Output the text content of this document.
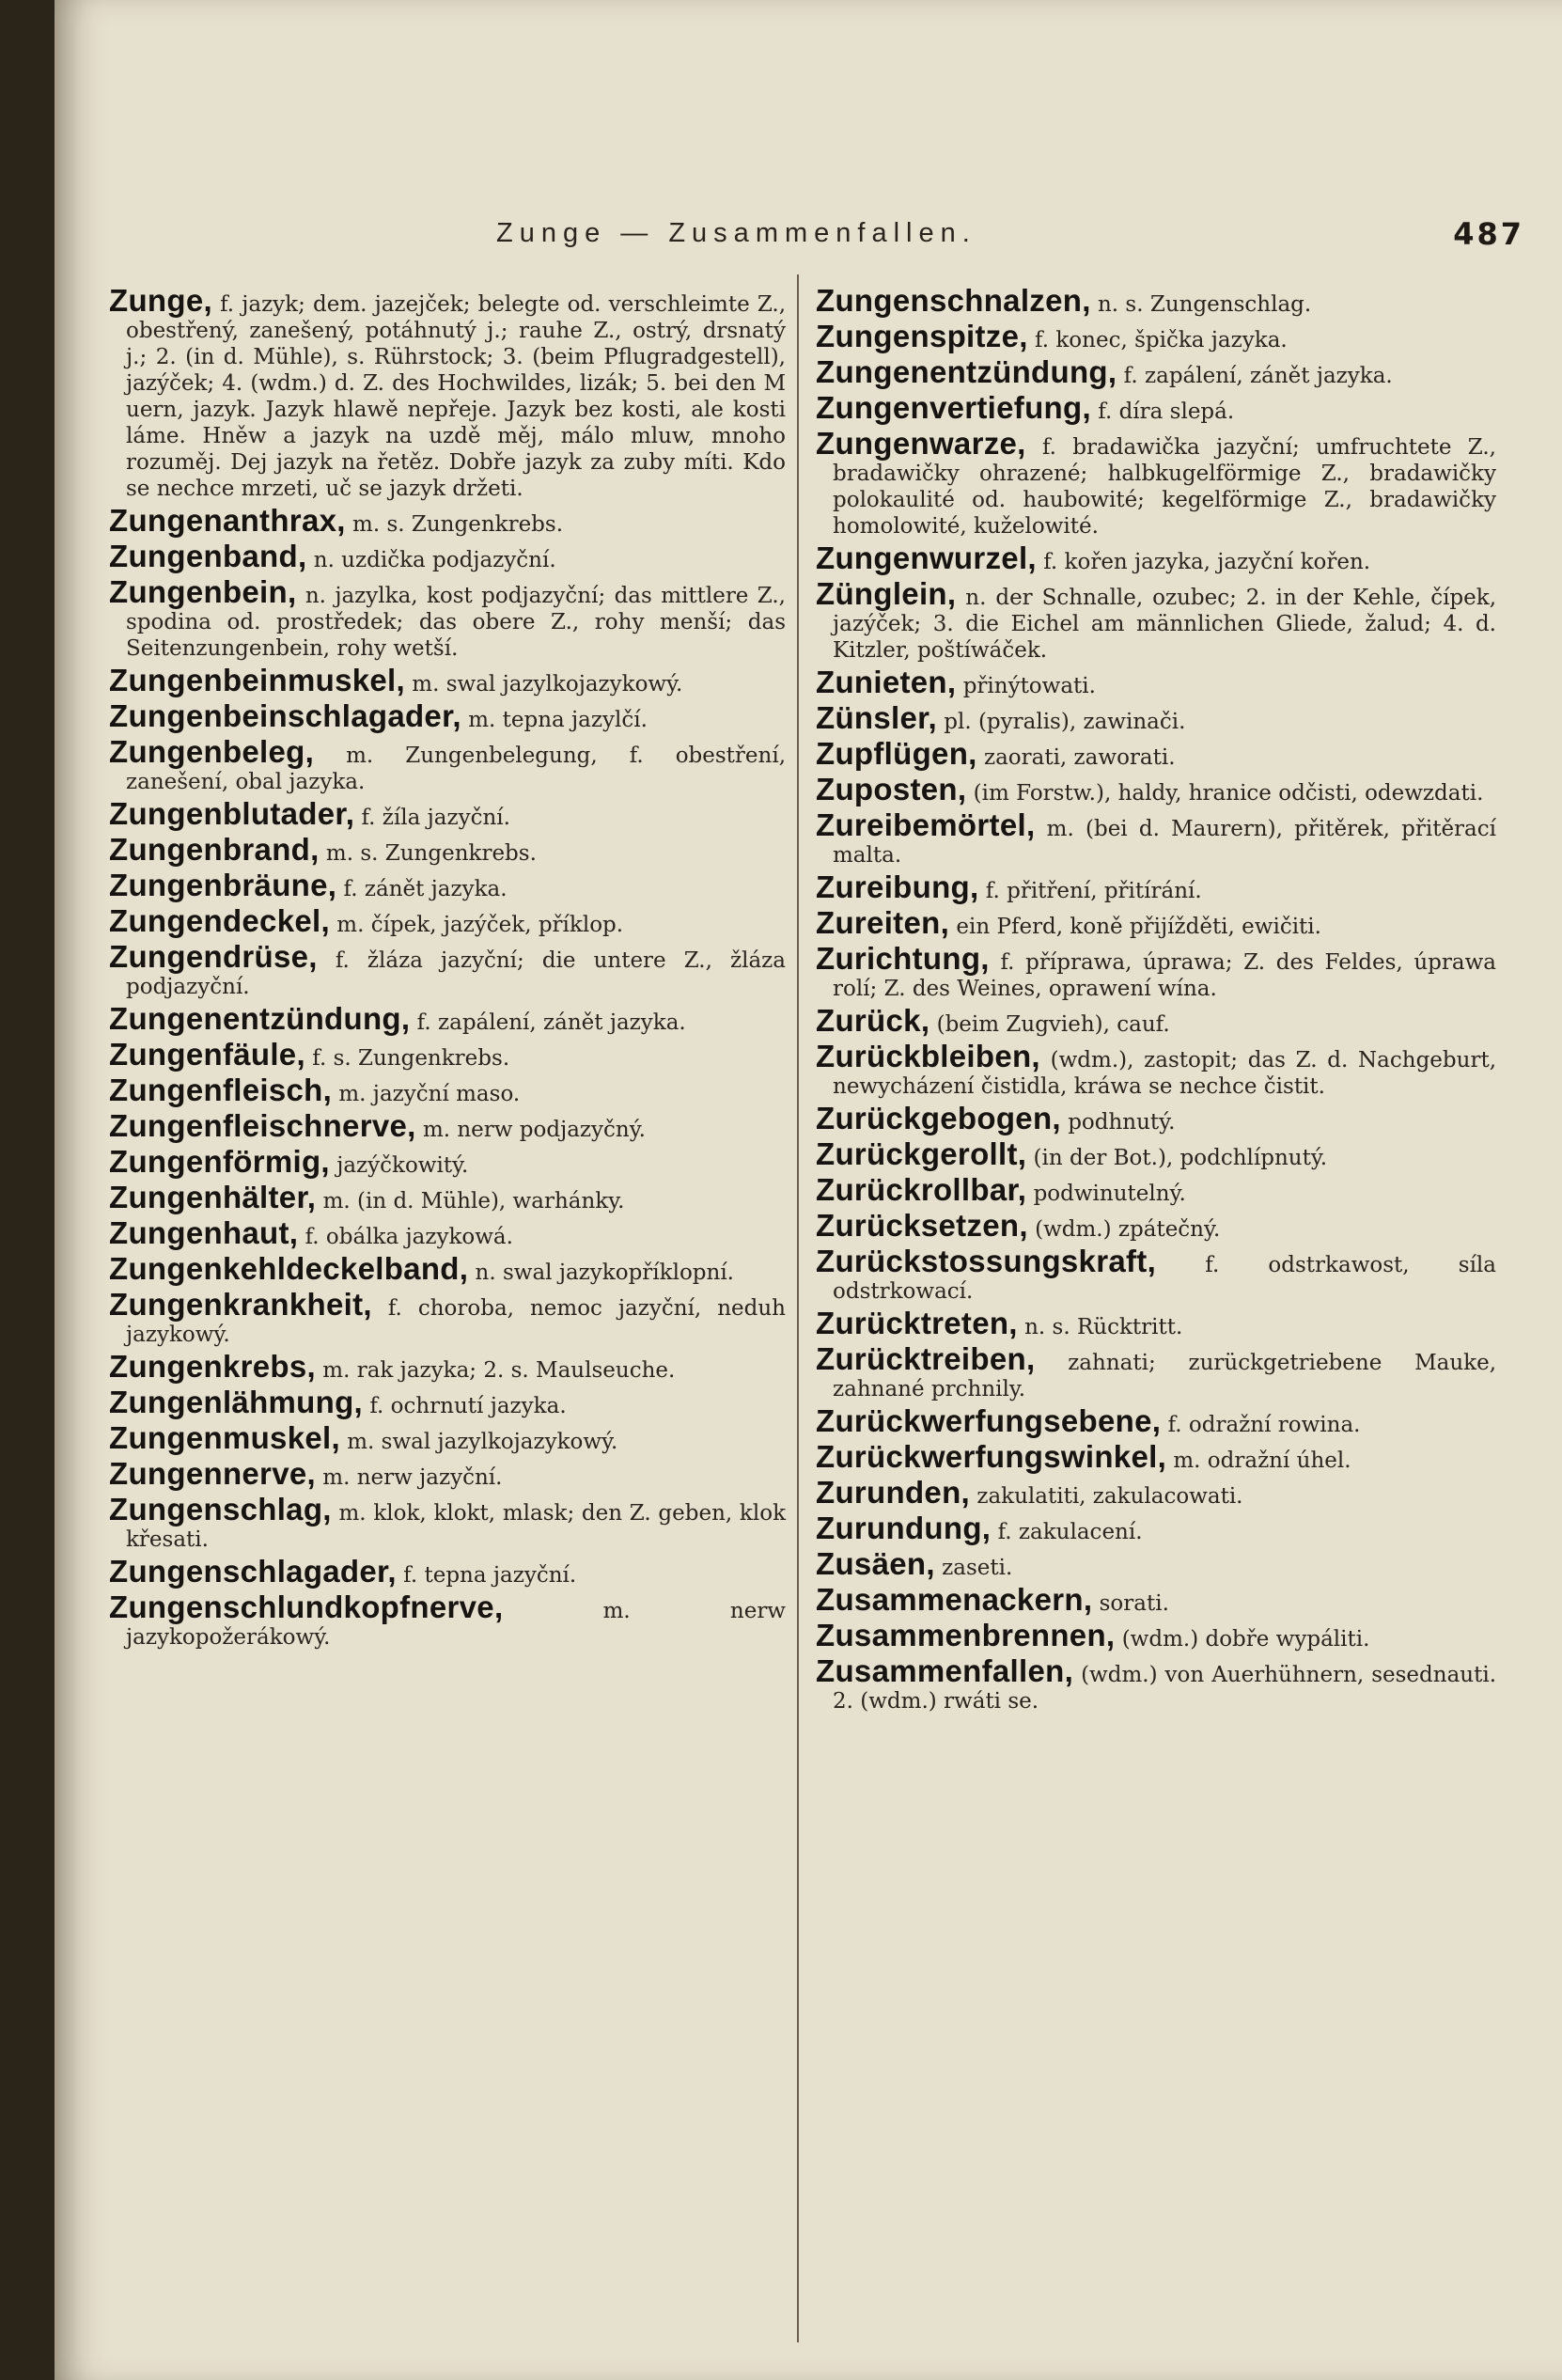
Zunge — Zusammenfallen.	487

Zunge, f. jazyk; dem. jazejček; belegte od. verschleimte Z., obestřený, zanešený, potáhnutý j.; rauhe Z., ostrý, drsnatý j.; 2. (in d. Mühle), s. Rührstock; 3. (beim Pflugradgestell), jazýček; 4. (wdm.) d. Z. des Hochwildes, lizák; 5. bei den M uern, jazyk. Jazyk hlawě nepřeje. Jazyk bez kosti, ale kosti láme. Hněw a jazyk na uzdě měj, málo mluw, mnoho rozuměj. Dej jazyk na řetěz. Dobře jazyk za zuby míti. Kdo se nechce mrzeti, uč se jazyk držeti.

Zungenanthrax, m. s. Zungenkrebs.

Zungenband, n. uzdička podjazyční.

Zungenbein, n. jazylka, kost podjazyční; das mittlere Z., spodina od. prostředek; das obere Z., rohy menší; das Seitenzungenbein, rohy wetší.

Zungenbeinmuskel, m. swal jazylkojazykowý.

Zungenbeinschlagader, m. tepna jazylčí.

Zungenbeleg, m. Zungenbelegung, f. obestření, zanešení, obal jazyka.

Zungenblutader, f. žíla jazyční.

Zungenbrand, m. s. Zungenkrebs.

Zungenbräune, f. zánět jazyka.

Zungendeckel, m. čípek, jazýček, příklop.

Zungendrüse, f. žláza jazyční; die untere Z., žláza podjazyční.

Zungenentzündung, f. zapálení, zánět jazyka.

Zungenfäule, f. s. Zungenkrebs.

Zungenfleisch, m. jazyční maso.

Zungenfleischnerve, m. nerw podjazyčný.

Zungenförmig, jazýčkowitý.

Zungenhälter, m. (in d. Mühle), warhánky.

Zungenhaut, f. obálka jazykowá.

Zungenkehldeckelband, n. swal jazykopříklopní.

Zungenkrankheit, f. choroba, nemoc jazyční, neduh jazykowý.

Zungenkrebs, m. rak jazyka; 2. s. Maulseuche.

Zungenlähmung, f. ochrnutí jazyka.

Zungenmuskel, m. swal jazylkojazykowý.

Zungennerve, m. nerw jazyční.

Zungenschlag, m. klok, klokt, mlask; den Z. geben, klok křesati.

Zungenschlagader, f. tepna jazyční.

Zungenschlundkopfnerve,	m. nerw jazykopožerákowý.

Zungenschnalzen, n. s. Zungenschlag.

Zungenspitze, f. konec, špička jazyka.

Zungenentzündung, f. zapálení, zánět jazyka.

Zungenvertiefung, f. díra slepá.

Zungenwarze, f. bradawička jazyční; umfruchtete Z., bradawičky ohrazené; halbkugelförmige Z., bradawičky polokaulité od. haubowité; kegelförmige Z., bradawičky homolowité, kuželowité.

Zungenwurzel, f. kořen jazyka, jazyční kořen.

Zünglein, n. der Schnalle, ozubec; 2. in der Kehle, čípek, jazýček; 3. die Eichel am männlichen Gliede, žalud; 4. d. Kitzler, poštíwáček.

Zunieten, přinýtowati.

Zünsler, pl. (pyralis), zawinači.

Zupflügen, zaorati, zaworati.

Zuposten, (im Forstw.), haldy, hranice odčisti, odewzdati.

Zureibemörtel, m. (bei d. Maurern), přitěrek, přitěrací malta.

Zureibung, f. přitření, přitírání.

Zureiten, ein Pferd, koně přijížděti, ewičiti.

Zurichtung, f. příprawa, úprawa; Z. des Feldes, úprawa rolí; Z. des Weines, oprawení wína.

Zurück, (beim Zugvieh), cauf.

Zurückbleiben, (wdm.), zastopit; das Z. d. Nachgeburt, newycházení čistidla, kráwa se nechce čistit.

Zurückgebogen, podhnutý.

Zurückgerollt, (in der Bot.), podchlípnutý.

Zurückrollbar, podwinutelný.

Zurücksetzen, (wdm.) zpátečný.

Zurückstossungskraft, f. odstrkawost, síla odstrkowací.

Zurücktreten, n. s. Rücktritt.

Zurücktreiben, zahnati; zurückgetriebene Mauke, zahnané prchnily.

Zurückwerfungsebene, f. odražní rowina.

Zurückwerfungswinkel, m. odražní úhel.

Zurunden, zakulatiti, zakulacowati.

Zurundung, f. zakulacení.

Zusäen, zaseti.

Zusammenackern, sorati.

Zusammenbrennen, (wdm.) dobře wypáliti.

Zusammenfallen, (wdm.) von Auerhühnern, sesednauti. 2. (wdm.) rwáti se.
